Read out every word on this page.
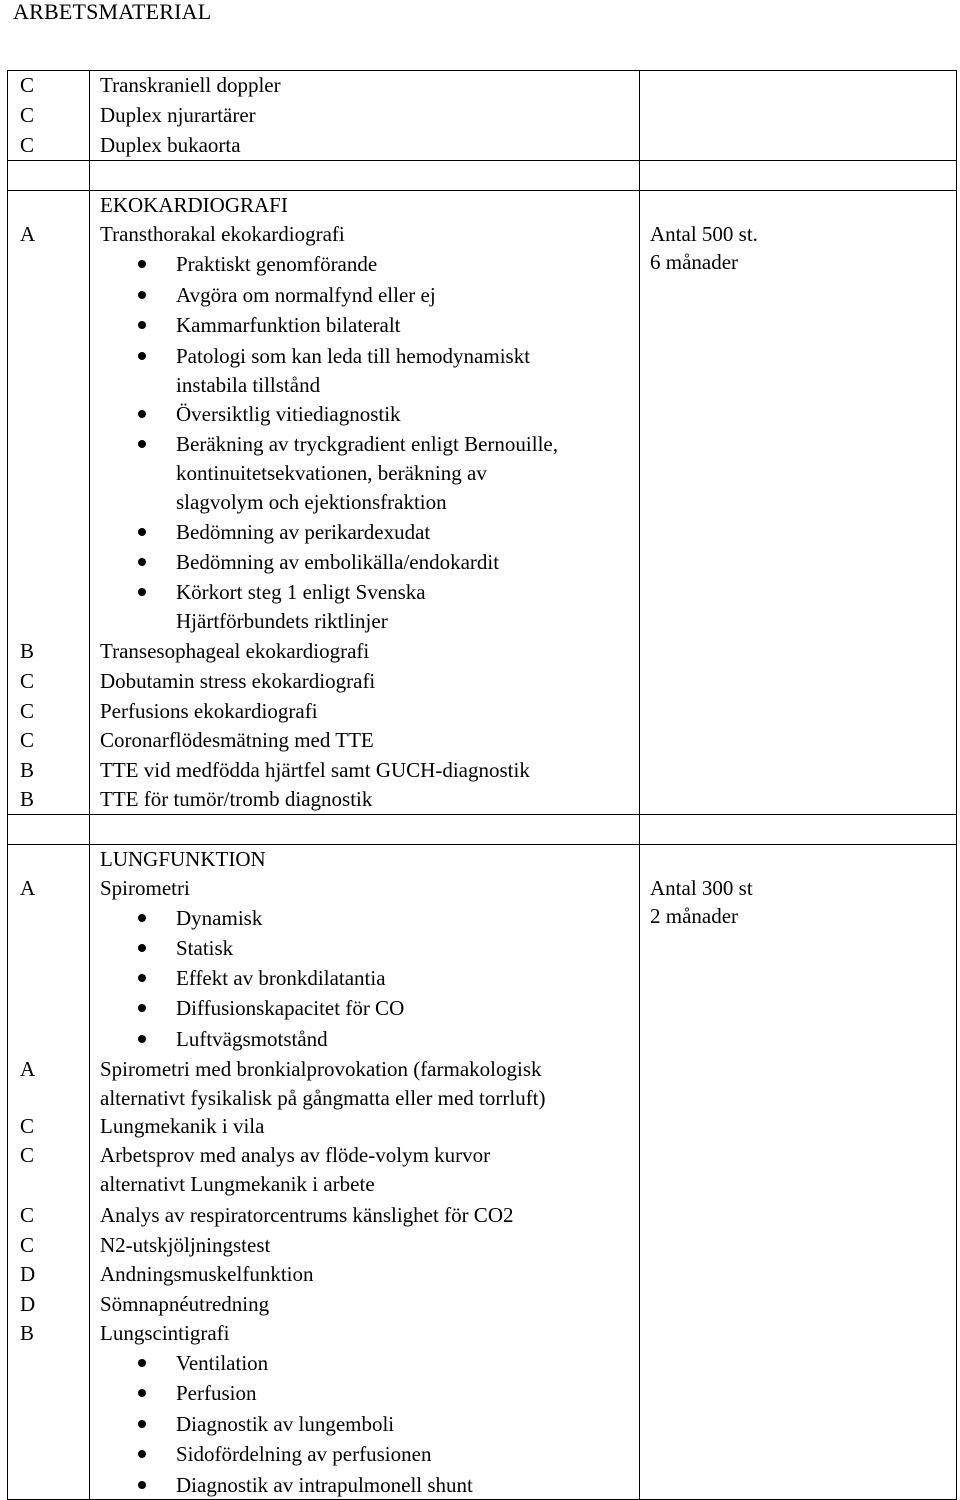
ARBETSMATERIAL
C	Transkraniell doppler
C	Duplex njurartärer
C	Duplex bukaorta
EKOKARDIOGRAFI
A	Transthorakal ekokardiografi	Antal 500 st.
6 månader
Praktiskt genomförande
Avgöra om normalfynd eller ej
Kammarfunktion bilateralt
Patologi som kan leda till hemodynamiskt
instabila tillstånd
Översiktlig vitiediagnostik
Beräkning av tryckgradient enligt Bernouille,
kontinuitetsekvationen, beräkning av
slagvolym och ejektionsfraktion
Bedömning av perikardexudat
Bedömning av embolikälla/endokardit
Körkort steg 1 enligt Svenska
Hjärtförbundets riktlinjer
B	Transesophageal ekokardiografi
C	Dobutamin stress ekokardiografi
C	Perfusions ekokardiografi
C	Coronarflödesmätning med TTE
B	TTE vid medfödda hjärtfel samt GUCH-diagnostik
B	TTE för tumör/tromb diagnostik
LUNGFUNKTION
A	Spirometri	Antal 300 st
2 månader
Dynamisk
Statisk
Effekt av bronkdilatantia
Diffusionskapacitet för CO
Luftvägsmotstånd
A	Spirometri med bronkialprovokation (farmakologisk
alternativt fysikalisk på gångmatta eller med torrluft)
C	Lungmekanik i vila
C	Arbetsprov med analys av flöde-volym kurvor
alternativt Lungmekanik i arbete
C	Analys av respiratorcentrums känslighet för CO2
C	N2-utskjöljningstest
D	Andningsmuskelfunktion
D	Sömnapnéutredning
B	Lungscintigrafi
Ventilation
Perfusion
Diagnostik av lungemboli
Sidofördelning av perfusionen
Diagnostik av intrapulmonell shunt
